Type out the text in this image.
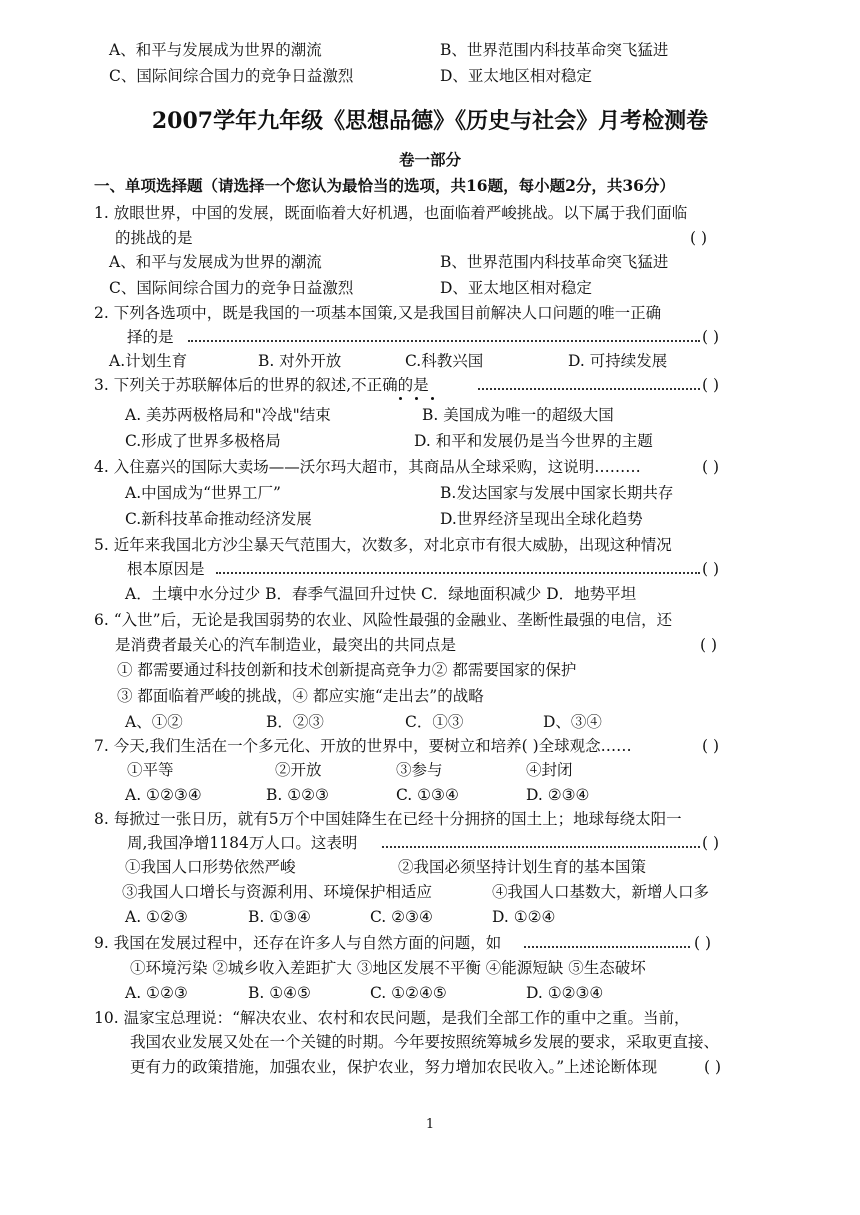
A、和平与发展成为世界的潮流	B、世界范围内科技革命突飞猛进
C、国际间综合国力的竞争日益激烈	D、亚太地区相对稳定
2007学年九年级《思想品德》《历史与社会》月考检测卷
卷一部分
一、单项选择题（请选择一个您认为最恰当的选项，共16题，每小题2分，共36分）
1. 放眼世界，中国的发展，既面临着大好机遇，也面临着严峻挑战。以下属于我们面临
的挑战的是	( )
A、和平与发展成为世界的潮流	B、世界范围内科技革命突飞猛进
C、国际间综合国力的竞争日益激烈	D、亚太地区相对稳定
2. 下列各选项中，既是我国的一项基本国策,又是我国目前解决人口问题的唯一正确
择的是	( )
A.计划生育	B. 对外开放	C.科教兴国	D. 可持续发展
3. 下列关于苏联解体后的世界的叙述,不正确的是	( )
A. 美苏两极格局和"冷战"结束	B. 美国成为唯一的超级大国
C.形成了世界多极格局	D. 和平和发展仍是当今世界的主题
4. 入住嘉兴的国际大卖场——沃尔玛大超市，其商品从全球采购，这说明………	( )
A.中国成为“世界工厂”	B.发达国家与发展中国家长期共存
C.新科技革命推动经济发展	D.世界经济呈现出全球化趋势
5. 近年来我国北方沙尘暴天气范围大，次数多，对北京市有很大威胁，出现这种情况
根本原因是	( )
A．土壤中水分过少 B．春季气温回升过快 C．绿地面积减少 D．地势平坦
6. “入世”后，无论是我国弱势的农业、风险性最强的金融业、垄断性最强的电信，还
是消费者最关心的汽车制造业，最突出的共同点是	( )
① 都需要通过科技创新和技术创新提高竞争力② 都需要国家的保护
③ 都面临着严峻的挑战，④ 都应实施“走出去”的战略
A、①②	B．②③	C．①③	D、③④
7. 今天,我们生活在一个多元化、开放的世界中，要树立和培养( )全球观念……	( )
①平等	②开放	③参与	④封闭
A. ①②③④	B. ①②③	C. ①③④	D. ②③④
8. 每掀过一张日历，就有5万个中国娃降生在已经十分拥挤的国土上；地球每绕太阳一
周,我国净增1184万人口。这表明	( )
①我国人口形势依然严峻	②我国必须坚持计划生育的基本国策
③我国人口增长与资源利用、环境保护相适应	④我国人口基数大，新增人口多
A. ①②③	B. ①③④	C. ②③④	D. ①②④
9. 我国在发展过程中，还存在许多人与自然方面的问题，如	( )
①环境污染 ②城乡收入差距扩大 ③地区发展不平衡 ④能源短缺 ⑤生态破坏
A. ①②③	B. ①④⑤	C. ①②④⑤	D. ①②③④
10. 温家宝总理说：“解决农业、农村和农民问题，是我们全部工作的重中之重。当前，
我国农业发展又处在一个关键的时期。今年要按照统筹城乡发展的要求，采取更直接、
更有力的政策措施，加强农业，保护农业，努力增加农民收入。”上述论断体现	( )
1
